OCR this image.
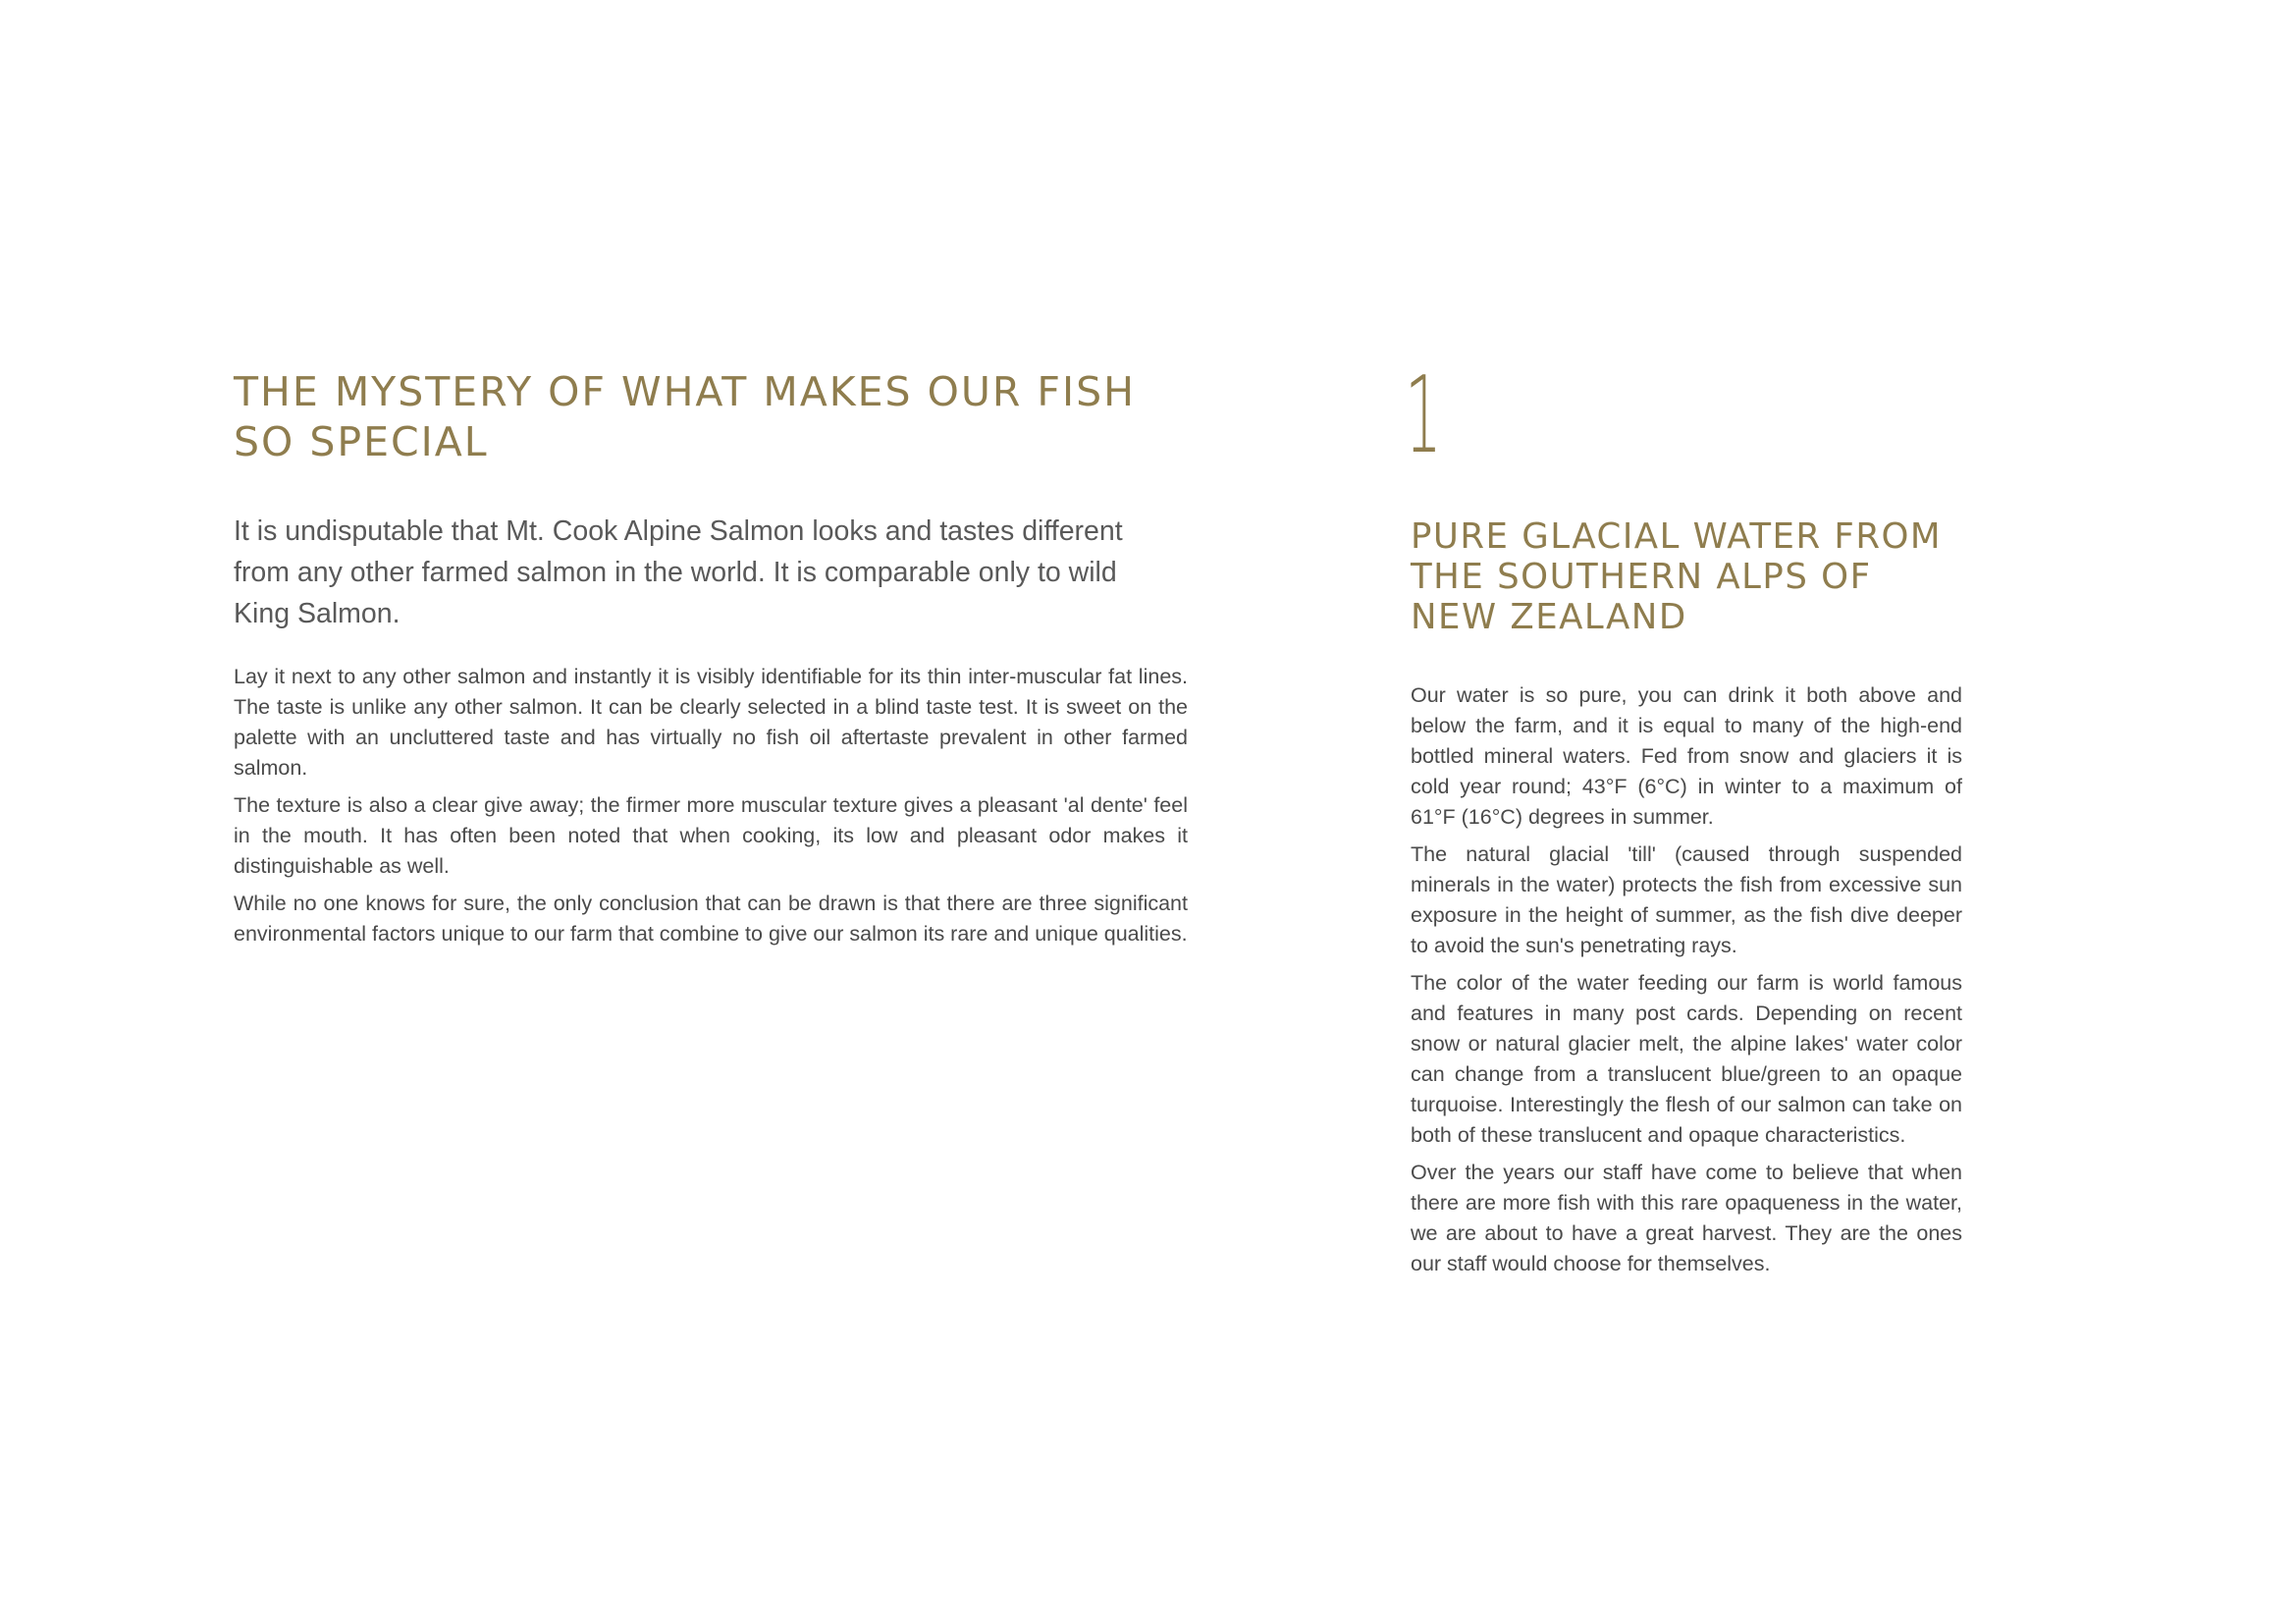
THE MYSTERY OF WHAT MAKES OUR FISH SO SPECIAL

It is undisputable that Mt. Cook Alpine Salmon looks and tastes different from any other farmed salmon in the world. It is comparable only to wild King Salmon.

Lay it next to any other salmon and instantly it is visibly identifiable for its thin inter-muscular fat lines. The taste is unlike any other salmon. It can be clearly selected in a blind taste test. It is sweet on the palette with an uncluttered taste and has virtually no fish oil aftertaste prevalent in other farmed salmon.

The texture is also a clear give away; the firmer more muscular texture gives a pleasant 'al dente' feel in the mouth. It has often been noted that when cooking, its low and pleasant odor makes it distinguishable as well.

While no one knows for sure, the only conclusion that can be drawn is that there are three significant environmental factors unique to our farm that combine to give our salmon its rare and unique qualities.

1
PURE GLACIAL WATER FROM
THE SOUTHERN ALPS OF
NEW ZEALAND

Our water is so pure, you can drink it both above and below the farm, and it is equal to many of the high-end bottled mineral waters. Fed from snow and glaciers it is cold year round; 43°F (6°C) in winter to a maximum of 61°F (16°C) degrees in summer.

The natural glacial 'till' (caused through suspended minerals in the water) protects the fish from excessive sun exposure in the height of summer, as the fish dive deeper to avoid the sun's penetrating rays.

The color of the water feeding our farm is world famous and features in many post cards. Depending on recent snow or natural glacier melt, the alpine lakes' water color can change from a translucent blue/green to an opaque turquoise. Interestingly the flesh of our salmon can take on both of these translucent and opaque characteristics.

Over the years our staff have come to believe that when there are more fish with this rare opaqueness in the water, we are about to have a great harvest. They are the ones our staff would choose for themselves.
